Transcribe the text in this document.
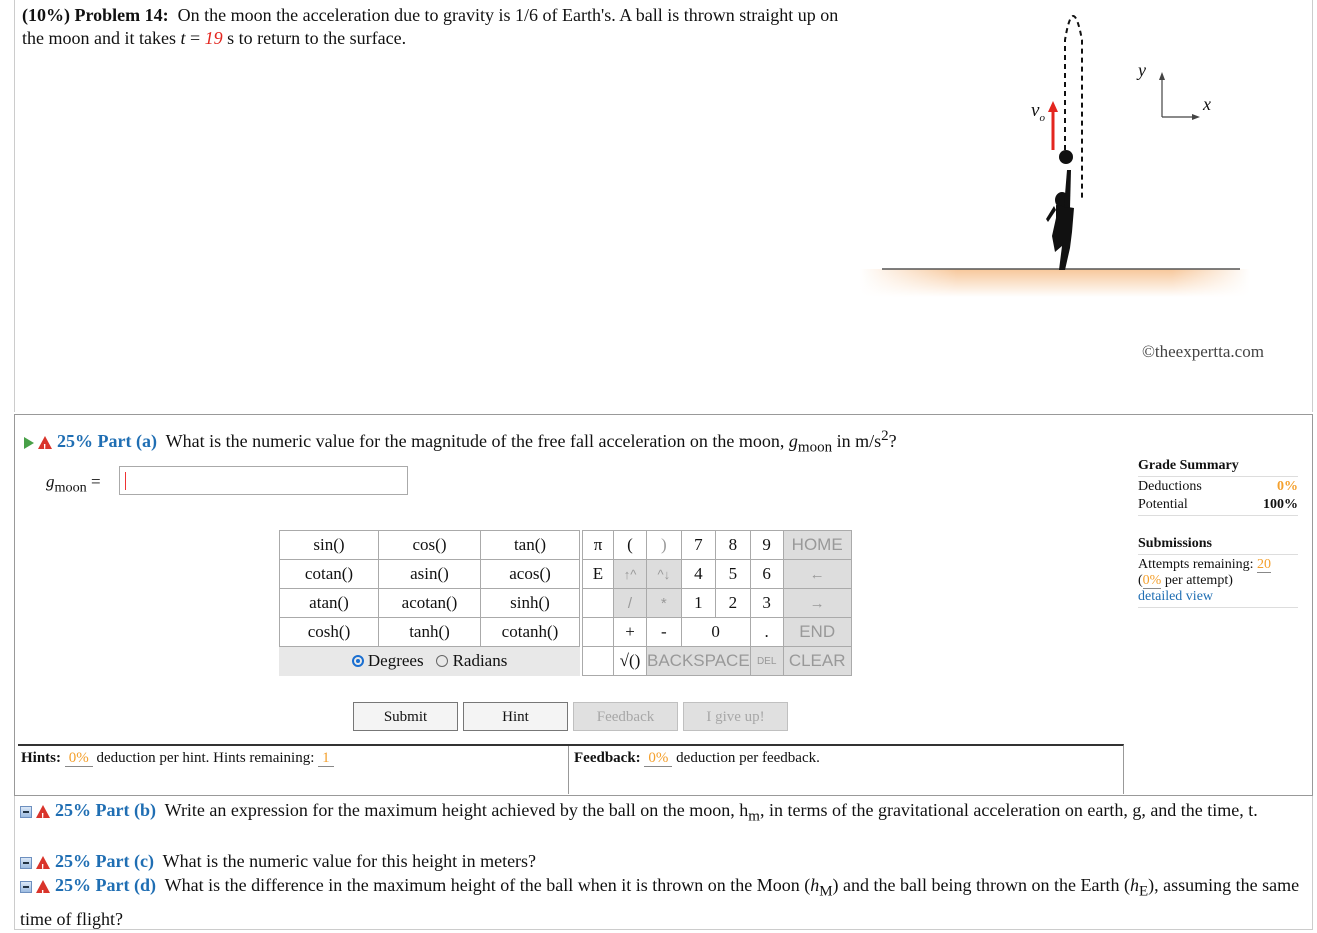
(10%) Problem 14: On the moon the acceleration due to gravity is 1/6 of Earth's. A ball is thrown straight up on the moon and it takes t = 19 s to return to the surface.
$v_o$
y
x
©theexpertta.com
!25% Part (a) What is the numeric value for the magnitude of the free fall acceleration on the moon, $g_{moon}$ in $m/s^2$?
$g_{moon}$ =
sin()	cos()	tan()
cotan()	asin()	acos()
atan()	acotan()	sinh()
cosh()	tanh()	cotanh()

Degrees Radians		
π	(	)	7	8	9	HOME
E	↑^	^↓	4	5	6	←
	/	*	1	2	3	→
	+	-	0		.	END
	√()	BACKSPACE			DEL	CLEAR
Submit	Hint	Feedback	I give up!
Hints: 0% deduction per hint. Hints remaining: 1	Feedback: 0% deduction per feedback.
Grade Summary
Deductions	0%
Potential	100%
Submissions
Attempts remaining: 20
(0% per attempt)
detailed view
!25% Part (b) Write an expression for the maximum height achieved by the ball on the moon, $h_m$, in terms of the gravitational acceleration on earth, g, and the time, t.
!25% Part (c) What is the numeric value for this height in meters?
!25% Part (d) What is the difference in the maximum height of the ball when it is thrown on the Moon $(h_M)$ and the ball being thrown on the Earth $(h_E)$, assuming the same time of flight?
